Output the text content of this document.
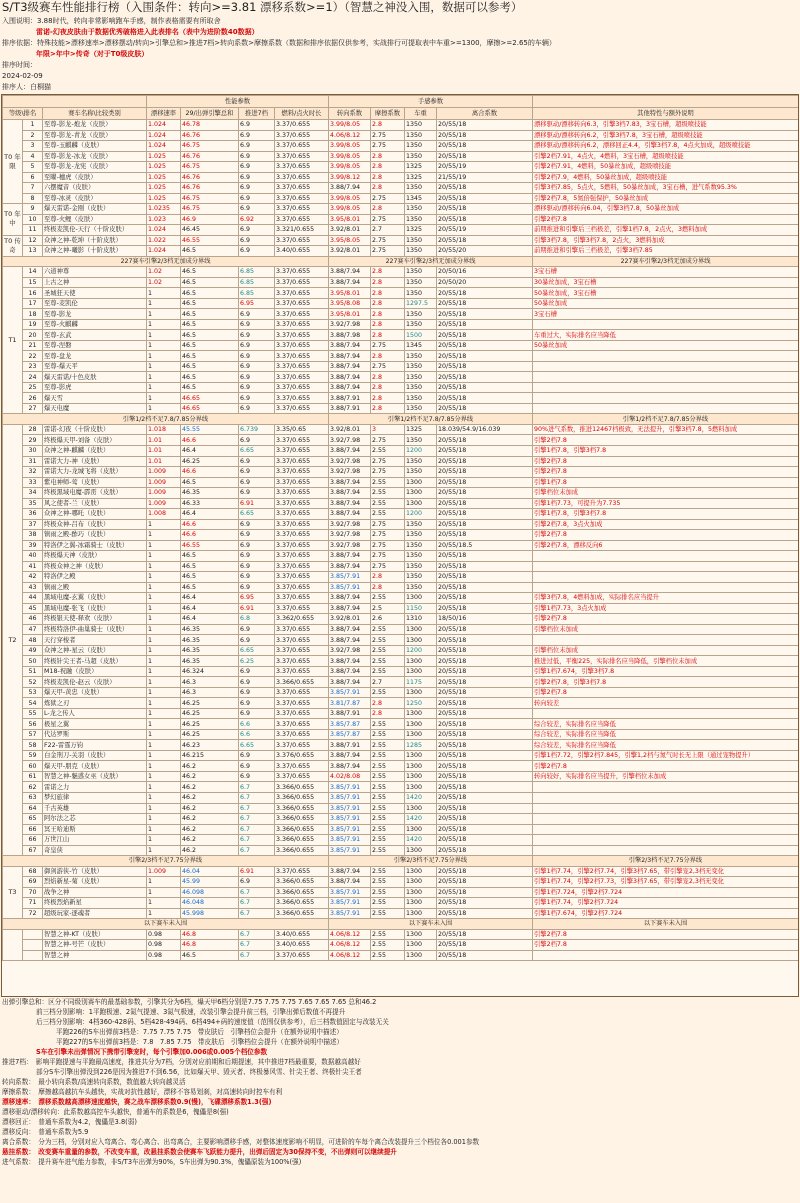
S/T3级赛车性能排行榜（入围条件：转向>=3.81 漂移系数>=1）（智慧之神没入围，数据可以参考）
入围说明：3.88时代，转向非常影响跑车手感，制作表格需要有所取舍
雷诺-幻夜皮肤由于数据优秀破格进入此表排名（表中为进阶数40数据）
排序依据：特殊技能>漂移速率>漂移摆动/转向>引擎总和>推进7档>转向系数>摩擦系数（数据和排序依据仅供参考，实战排行可提取表中车重>=1300，摩擦>=2.65的车辆）
年限>年中>传奇（对于T0级皮肤）
排序时间：
2024-02-09
排序人：白桐猫
			性能参数				手感参数				
等级\排名		赛车名称\比较类别	漂移速率	29/出弹引擎总和	推进7档	燃料/点火时长	转向系数	摩擦系数	车重	离合系数	其他特性与额外说明
T0 年限	1	至尊-影龙-炮龙（皮肤）	1.024	46.78	6.9	3.37/0.655	3.99/8.05	2.8	1350	20/55/18	漂移驱动/漂移转向6.3，引擎3档7.83，3宝石槽，超级喷技能
	2	至尊-影龙-青龙（皮肤）	1.024	46.76	6.9	3.37/0.655	4.06/8.12	2.75	1350	20/55/18	漂移驱动/漂移转向6.2，引擎3档7.8，3宝石槽，超级喷技能
	3	至尊-玉麒麟（皮肤）	1.024	46.75	6.9	3.37/0.655	3.99/8.05	2.75	1350	20/55/18	漂移驱动/漂移转向6.2，漂移回正4.4，引擎3档7.8，4点火加成，超级喷技能
	4	至尊-影龙-冰龙（皮肤）	1.025	46.76	6.9	3.37/0.655	3.99/8.05	2.8	1350	20/55/18	引擎2档7.91，4点火，4燃料，3宝石槽，超级喷技能
	5	至尊-影龙-龙宪（皮肤）	1.025	46.75	6.9	3.37/0.655	3.99/8.05	2.8	1325	20/55/19	引擎2档7.91，4燃料，50暴丝加成，超级喷技能
	6	至曜-穗虎（皮肤）	1.025	46.76	6.9	3.37/0.655	3.99/8.12	2.8	1325	21/55/19	引擎2档7.9，4燃料，50暴丝加成，超级喷技能
	7	六摆魔音（皮肤）	1.025	46.76	6.9	3.37/0.655	3.88/7.94	2.8	1350	20/55/18	引擎3档7.85，5点火，5燃料，50暴丝加成，3宝石槽，进气系数95.3%
	8	至尊-冰灵（皮肤）	1.025	46.75	6.9	3.37/0.655	3.99/8.05	2.75	1345	20/55/18	引擎2档7.8，5氮倍强保护，50暴丝加成
T0 年中	9	爆天雷诺-金刚（皮肤）	1.0235	46.75	6.9	3.37/0.655	3.99/8.05	2.8	1350	20/55/18	漂移驱动/漂移转向6.04，引擎3档7.8，50暴丝加成
	10	至尊-火鲤（皮肤）	1.023	46.9	6.92	3.37/0.655	3.95/8.01	2.75	1350	20/55/18	引擎2档7.8
	11	终极麦凯伦-天行（十阶皮肤）	1.024	46.45	6.9	3.321/0.655	3.92/8.01	2.7	1325	20/55/19	前期推进和引擎后三档极差，引擎1档7.8，2点火，3燃料加成
T0 传奇	12	众神之神-乾坤（十阶皮肤）	1.022	46.55	6.9	3.37/0.655	3.95/8.05	2.75	1350	20/55/18	引擎3档7.8，引擎3档7.8，2点火，3燃料加成
	13	众神之神-曦影（十阶皮肤）	1.024	46.5	6.9	3.40/0.655	3.92/8.01	2.75	1350	20/55/20	前期推进和引擎后三档极差，引擎3档7.85
227赛车引擎2/3档无加成分界线							227赛车引擎2/3档无加成分界线				227赛车引擎2/3档无加成分界线
T1	14	六道神尊	1.02	46.5	6.85	3.37/0.655	3.88/7.94	2.8	1350	20/50/16	3宝石槽
	15	上古之神	1.02	46.5	6.85	3.37/0.655	3.88/7.94	2.8	1350	20/50/20	30暴丝加成，3宝石槽
	16	圣城狂天使	1	46.5	6.85	3.37/0.655	3.95/8.01	2.8	1350	20/55/18	50暴丝加成，3宝石槽
	17	至尊-麦凯伦	1	46.5	6.95	3.37/0.655	3.95/8.08	2.8	1297.5	20/55/18	50暴丝加成
	18	至尊-影龙	1	46.5	6.9	3.37/0.655	3.95/8.01	2.8	1350	20/55/18	3宝石槽
	19	至尊-火麒麟	1	46.5	6.9	3.37/0.655	3.92/7.98	2.8	1350	20/55/18	
	20	至尊-玄武	1	46.5	6.9	3.37/0.655	3.88/7.98	2.8	1500	20/55/18	车重过大，实际排名应当降低
	21	至尊-涅磐	1	46.5	6.9	3.37/0.655	3.88/7.94	2.75	1345	20/55/18	50暴丝加成
	22	至尊-盘龙	1	46.5	6.9	3.37/0.655	3.88/7.94	2.8	1350	20/55/18	
	23	至尊-爆天平	1	46.5	6.9	3.37/0.655	3.88/7.94	2.75	1350	20/55/18	
	24	爆天雷诺/十色皮肤	1	46.5	6.9	3.37/0.655	3.88/7.94	2.8	1350	20/55/18	
	25	至尊-影虎	1	46.5	6.9	3.37/0.655	3.88/7.94	2.8	1350	20/55/18	
	26	爆天雪	1	46.65	6.9	3.37/0.655	3.88/7.91	2.8	1350	20/55/18	
	27	爆天电魔	1	46.65	6.9	3.37/0.655	3.88/7.91	2.8	1350	20/55/18	
引擎1/2档不足7.8/7.85分界线							引擎1/2档不足7.8/7.85分界线				引擎1/2档不足7.8/7.85分界线
T2	28	雷诺-幻夜（十阶皮肤）	1.018	45.55	6.739	3.35/0.65	3.92/8.01	3	1325	18.039/54.9/16.039	90%进气系数，推进12467档极致，无法提升，引擎3档7.8，5燃料加成
	29	终极爆天甲-刘备（皮肤）	1.01	46.6	6.9	3.37/0.655	3.92/7.98	2.75	1350	20/55/18	引擎2档7.8
	30	众神之神-麒麟（皮肤）	1.01	46.4	6.65	3.37/0.655	3.88/7.94	2.55	1200	20/55/18	引擎1档7.8，引擎3档7.8
	31	雷诺大力-神（皮肤）	1.01	46.25	6.9	3.37/0.655	3.92/7.98	2.75	1350	20/55/18	引擎2档7.8
	32	雷诺大力-龙城飞将（皮肤）	1.009	46.6	6.9	3.37/0.655	3.92/7.98	2.75	1350	20/55/18	引擎2档7.8
	33	紫电神师-莺（皮肤）	1.009	46.5	6.9	3.37/0.655	3.88/7.94	2.55	1300	20/55/18	引擎1档7.8
	34	终极黑域电魔-霹雳（皮肤）	1.009	46.35	6.9	3.37/0.655	3.88/7.94	2.55	1300	20/55/18	引擎档位未加成
	35	风之使者-兰（皮肤）	1.009	46.33	6.91	3.37/0.655	3.88/7.94	2.55	1300	20/55/18	引擎1档7.73，可提升为7.735
	36	众神之神-哪吒（皮肤）	1.008	46.4	6.65	3.37/0.655	3.88/7.94	2.55	1200	20/55/18	引擎1档7.8，引擎3档7.8
	37	终极众神-吕布（皮肤）	1	46.6	6.9	3.37/0.655	3.92/7.98	2.75	1350	20/55/18	引擎2档7.8，3点火加成
	38	镇雨之殿-酢巧（皮肤）	1	46.6	6.9	3.37/0.655	3.92/7.98	2.75	1350	20/55/18	引擎2档7.8
	39	特洛伊之翼-冰霜骑士（皮肤）	1	46.55	6.9	3.37/0.655	3.92/7.98	2.75	1350	20/55/18.5	引擎2档7.8，漂移反向6
	40	终极爆天神（皮肤）	1	46.5	6.9	3.37/0.655	3.88/7.94	2.75	1350	20/55/18	
	41	终极众神之神（皮肤）	1	46.5	6.9	3.37/0.655	3.88/7.94	2.75	1350	20/55/18	
	42	特洛伊之殿	1	46.5	6.9	3.37/0.655	3.85/7.91	2.8	1350	20/55/18	
	43	镇雨之殿	1	46.5	6.9	3.37/0.655	3.85/7.91	2.8	1350	20/55/18	
	44	黑域电魔-玄翼（皮肤）	1	46.4	6.95	3.37/0.655	3.88/7.94	2.55	1300	20/55/18	引擎3档7.8，4燃料加成，实际排名应当提升
	45	黑域电魔-张飞（皮肤）	1	46.4	6.91	3.37/0.655	3.88/7.94	2.5	1150	20/55/18	引擎1档7.73，3点火加成
	46	终极银天使-释欢（皮肤）	1	46.4	6.8	3.362/0.655	3.92/8.01	2.6	1310	18/50/16	引擎2档7.8
	47	终极特洛伊-曲巢骑士（皮肤）	1	46.35	6.9	3.37/0.655	3.88/7.94	2.55	1300	20/55/18	引擎档位未加成
	48	天行穿梭者	1	46.35	6.9	3.37/0.655	3.88/7.94	2.55	1300	20/55/18	
	49	众神之神-星云（皮肤）	1	46.35	6.65	3.37/0.655	3.92/7.98	2.55	1200	20/55/18	引擎档位未加成
	50	终极针尖王者-马超（皮肤）	1	46.35	6.25	3.37/0.655	3.88/7.94	2.55	1300	20/55/18	推进过低，平衡225，实际排名应当降低，引擎档位未加成
	51	M18-祝融（皮肤）	1	46.324	6.9	3.37/0.655	3.88/7.94	2.55	1300	20/55/18	引擎1档7.674，引擎3档7.8
	52	终极麦凯伦-赵云（皮肤）	1	46.3	6.9	3.366/0.655	3.88/7.94	2.7	1175	20/55/18	引擎2档7.8，引擎3档7.8
	53	爆天甲-黄忠（皮肤）	1	46.3	6.9	3.37/0.655	3.85/7.91	2.55	1300	20/55/18	引擎2档7.8
	54	炼狱之刃	1	46.25	6.9	3.37/0.655	3.81/7.87	2.8	1250	20/55/18	转向较差
	55	L-龙之传人	1	46.25	6.9	3.37/0.655	3.88/7.91	2.8	1300	20/55/18	
	56	极星之翼	1	46.25	6.6	3.37/0.655	3.85/7.87	2.55	1300	20/55/18	综合较差，实际排名应当降低
	57	代达罗斯	1	46.25	6.6	3.37/0.655	3.85/7.87	2.55	1300	20/55/18	综合较差，实际排名应当降低
	58	F22-雷霆万钧	1	46.23	6.65	3.37/0.655	3.88/7.91	2.55	1285	20/55/18	综合较差，实际排名应当降低
	59	白金刑刀-关羽（皮肤）	1	46.215	6.9	3.376/0.655	3.88/7.94	2.55	1300	20/55/18	引擎1档7.72，引擎2档7.845，引擎1,2档与氮气时长无上限（通过宠物提升）
	60	爆天甲-朋克（皮肤）	1	46.2	6.9	3.37/0.655	3.88/7.94	2.55	1300	20/55/18	引擎2档7.8
	61	智慧之神-魅惑女巫（皮肤）	1	46.2	6.9	3.37/0.655	4.02/8.08	2.55	1300	20/55/18	转向较好，实际排名应当提升，引擎档位未加成
	62	雷诺之力	1	46.2	6.7	3.366/0.655	3.85/7.91	2.55	1300	20/55/18	
	63	梦幻旅律	1	46.2	6.7	3.366/0.655	3.85/7.91	2.55	1420	20/55/18	
	64	千古英雄	1	46.2	6.7	3.366/0.655	3.85/7.91	2.55	1300	20/55/18	
	65	阿尔法之芯	1	46.2	6.7	3.366/0.655	3.85/7.91	2.55	1420	20/55/18	
	66	冥王哈迪斯	1	46.2	6.7	3.366/0.655	3.85/7.91	2.55	1300	20/55/18	
	66	万世江山	1	46.2	6.7	3.366/0.655	3.85/7.91	2.55	1420	20/55/18	
	67	奇皇侠	1	46.2	6.7	3.366/0.655	3.85/7.91	2.55	1300	20/55/18	
引擎2/3档不足7.75分界线							引擎2/3档不足7.75分界线				引擎2/3档不足7.75分界线
T3	68	御剑游侠-竹（皮肤）	1.009	46.04	6.91	3.37/0.655	3.88/7.94	2.55	1300	20/55/18	引擎1档7.74，引擎2档7.74，引擎3档7.65，带引擎宠2,3档无变化
	69	烈焰新星-菊（皮肤）	1	45.99	6.9	3.366/0.655	3.88/7.94	2.55	1300	20/55/18	引擎1档7.74，引擎2档7.73，引擎3档7.65，带引擎宠2,3档无变化
	70	战争之神	1	46.098	6.7	3.366/0.655	3.85/7.91	2.55	1300	20/55/18	引擎1档7.724，引擎2档7.724
	71	终极烈焰新星	1	46.048	6.7	3.366/0.655	3.85/7.91	2.55	1300	20/55/18	引擎1档7.74，引擎2档7.724
	72	超级玩家-逐魂者	1	45.998	6.7	3.366/0.655	3.85/7.91	2.55	1300	20/55/18	引擎1档7.674，引擎2档7.724
以下赛车未入围							以下赛车未入围				以下赛车未入围
		智慧之神-KT（皮肤）	0.98	46.8	6.7	3.40/0.655	4.06/8.12	2.55	1300	20/55/18	引擎2档7.8
		智慧之神-号芒（皮肤）	0.98	46.8	6.7	3.40/0.655	4.06/8.12	2.55	1300	20/55/18	引擎2档7.8
		智慧之神	0.98	46.5	6.7	3.37/0.655	4.06/8.12	2.55	1300	20/55/18	
出弹引擎总和：区分不同级别赛车的最基础参数，引擎共分为6档，爆天甲6档分别是7.75 7.75 7.75 7.65 7.65 7.65 总和46.2
前三档分别影响：1平跑极速、2氮气提速、3氮气极速，改装引擎会提升前三档，引擎出弹后数值不再提升
后三档分别影响：4档360-428码、5档428-494码、6档494+码的速度值（范围仅供参考），后三档数值固定与改装无关
平跑226的S车出弹前3档是：7.75 7.75 7.75　带皮肤后　引擎档位会提升（在额外说明中描述）
平跑227的S车出弹前3档是：7.8　7.85 7.75　带皮肤后　引擎档位会提升（在额外说明中描述）
S车在引擎未出弹情况下携带引擎宠时，每个引擎加0.006或0.005个档位参数
推进7档：　影响平跑提速与平跑最高速度，推进共分为7档，分别对应前期和后期提速，其中推进7档最重要，数据越高越好
部分S车引擎出弹没到226是因为推进7不到6.56，比如爆天甲、毁灭者、终极暴风雪、针尖王者、终极针尖王者
转向系数：　最小转向系数/高速转向系数，数值越大转向越灵活
摩擦系数：　摩擦越高越抗车头越快，实战对抗性越好，漂移不容易划刹，对高速转向时控车有利
漂移速率：　漂移系数越高漂移速度越快，赛之战车漂移系数0.9(慢)，飞碟漂移系数1.3(强)
漂移驱动/漂移转向：此系数越高控车头越快，普通车的系数是6，傀儡是8(强)
漂移回正：　普通车系数为4.2，傀儡是3.8(弱)
漂移反向：　普通车系数为5.9
离合系数：　分为三档，分别对应入弯离合、弯心离合、出弯离合，主要影响漂移手感，对整体速度影响不明显，可进阶的车每个离合改装提升三个档位各0.001参数
悬挂系数：　改变赛车重量的参数，不改变车重，改悬挂系数会使赛车飞跃能力提升，出弹后固定为30保持不变，不出弹则可以继续提升
进气系数：　提升赛车进气能力参数，非S/T3车出弹为90%，S车出弹为90.3%，傀儡原装为100%(强)
